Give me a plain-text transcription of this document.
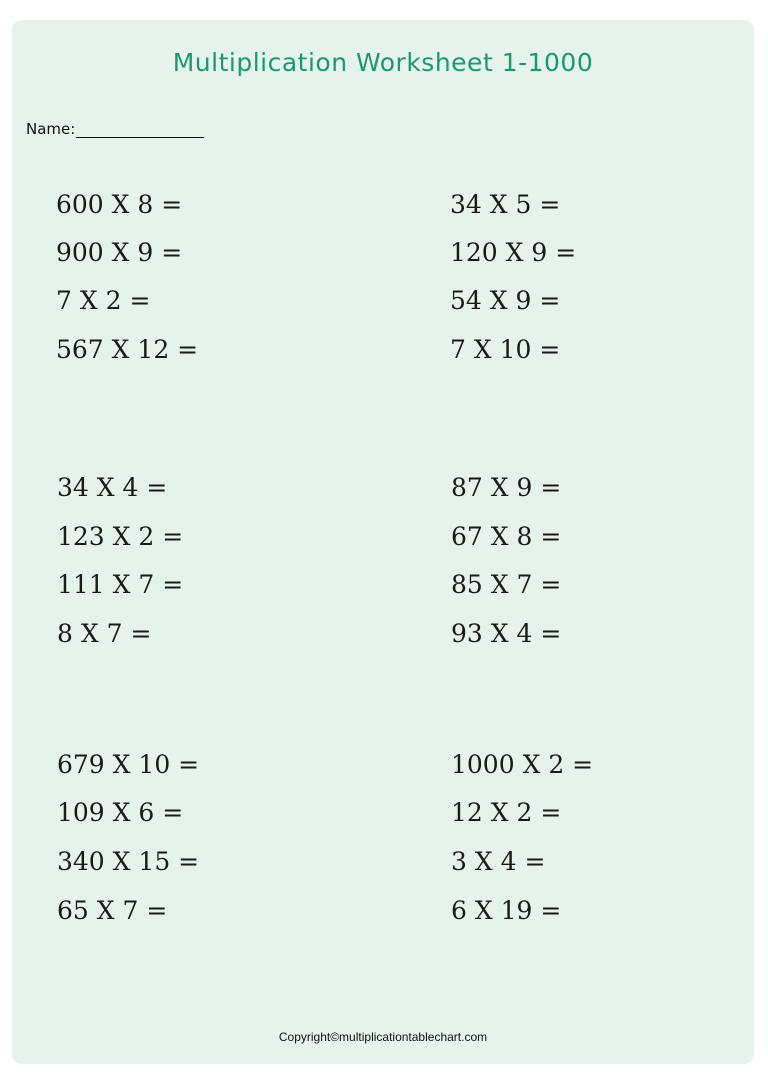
Multiplication Worksheet 1-1000
Name:
600 X 8 =
900 X 9 =
7 X 2 =
567 X 12 =
34 X 5 =
120 X 9 =
54 X 9 =
7 X 10 =
34 X 4 =
123 X 2 =
111 X 7 =
8 X 7 =
87 X 9 =
67 X 8 =
85 X 7 =
93 X 4 =
679 X 10 =
109 X 6 =
340 X 15 =
65 X 7 =
1000 X 2 =
12 X 2 =
3 X 4 =
6 X 19 =
Copyright©multiplicationtablechart.com
